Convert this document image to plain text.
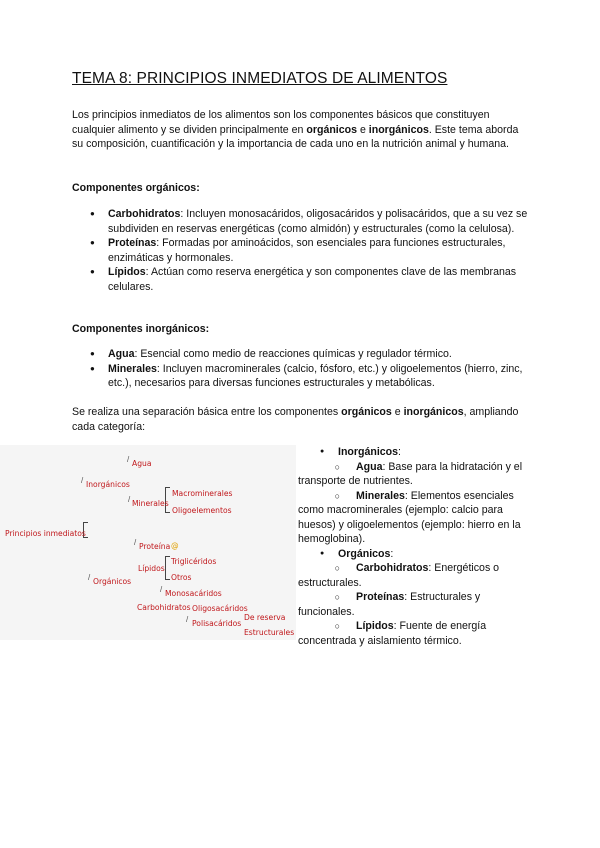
TEMA 8: PRINCIPIOS INMEDIATOS DE ALIMENTOS

Los principios inmediatos de los alimentos son los componentes básicos que constituyen cualquier alimento y se dividen principalmente en orgánicos e inorgánicos. Este tema aborda su composición, cuantificación y la importancia de cada uno en la nutrición animal y humana.

Componentes orgánicos:
● Carbohidratos: Incluyen monosacáridos, oligosacáridos y polisacáridos, que a su vez se subdividen en reservas energéticas (como almidón) y estructurales (como la celulosa).
● Proteínas: Formadas por aminoácidos, son esenciales para funciones estructurales, enzimáticas y hormonales.
● Lípidos: Actúan como reserva energética y son componentes clave de las membranas celulares.
Componentes inorgánicos:
● Agua: Esencial como medio de reacciones químicas y regulador térmico.
● Minerales: Incluyen macrominerales (calcio, fósforo, etc.) y oligoelementos (hierro, zinc, etc.), necesarios para diversas funciones estructurales y metabólicas.

Se realiza una separación básica entre los componentes orgánicos e inorgánicos, ampliando cada categoría:

/ Agua
/ Inorgánicos
Macrominerales
/ Minerales
Oligoelementos
Principios inmediatos
/ Proteína @
Triglicéridos
Lípidos
Otros
/ Orgánicos
/ Monosacáridos
Carbohidratos Oligosacáridos
De reserva
/ Polisacáridos
Estructurales
● Inorgánicos:
○ Agua: Base para la hidratación y el transporte de nutrientes.
○ Minerales: Elementos esenciales como macrominerales (ejemplo: calcio para huesos) y oligoelementos (ejemplo: hierro en la hemoglobina).
● Orgánicos:
○ Carbohidratos: Energéticos o estructurales.
○ Proteínas: Estructurales y funcionales.
○ Lípidos: Fuente de energía concentrada y aislamiento térmico.
